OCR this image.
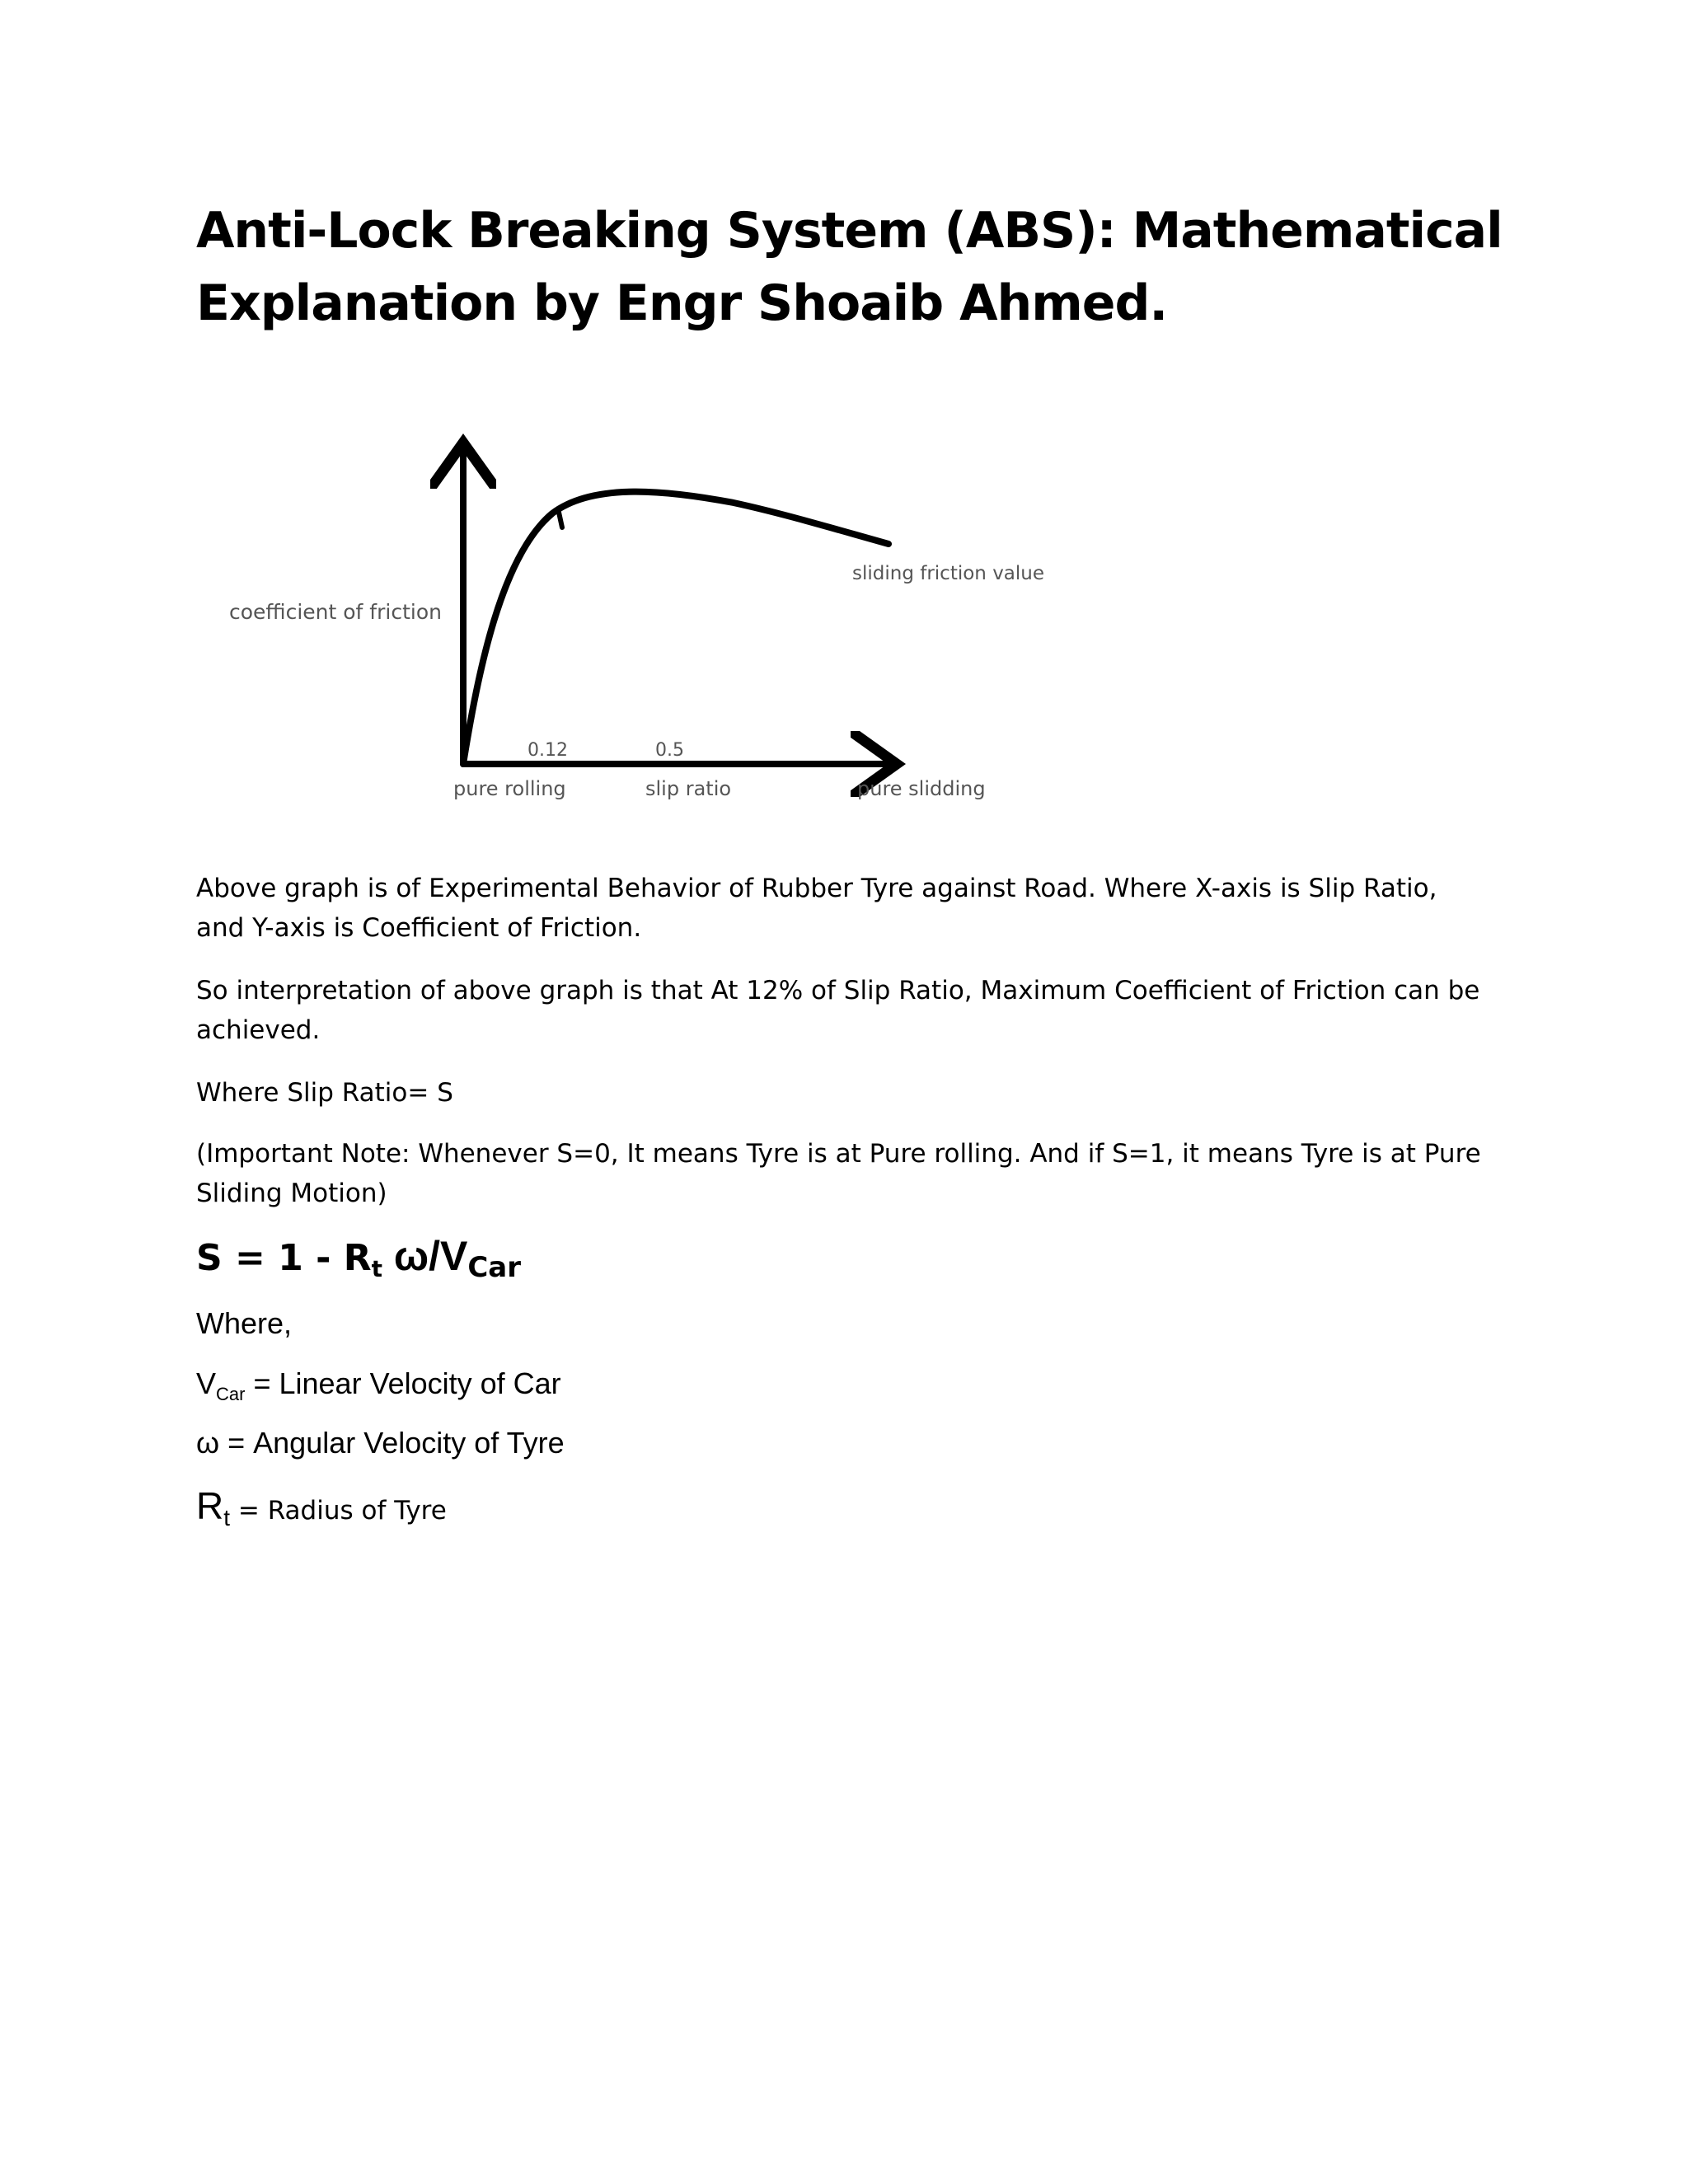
Anti-Lock Breaking System (ABS): Mathematical
Explanation by Engr Shoaib Ahmed.
coefficient of friction
sliding friction value
0.12	0.5
pure rolling	slip ratio	pure slidding

Above graph is of Experimental Behavior of Rubber Tyre against Road. Where X-axis is Slip Ratio, and Y-axis is Coefficient of Friction.

So interpretation of above graph is that At 12% of Slip Ratio, Maximum Coefficient of Friction can be achieved.

Where Slip Ratio= S

(Important Note: Whenever S=0, It means Tyre is at Pure rolling. And if S=1, it means Tyre is at Pure Sliding Motion)

S = 1 - Rt ω/VCar

Where,

$V_{Car}$ = Linear Velocity of Car

ω = Angular Velocity of Tyre

Rt = Radius of Tyre
